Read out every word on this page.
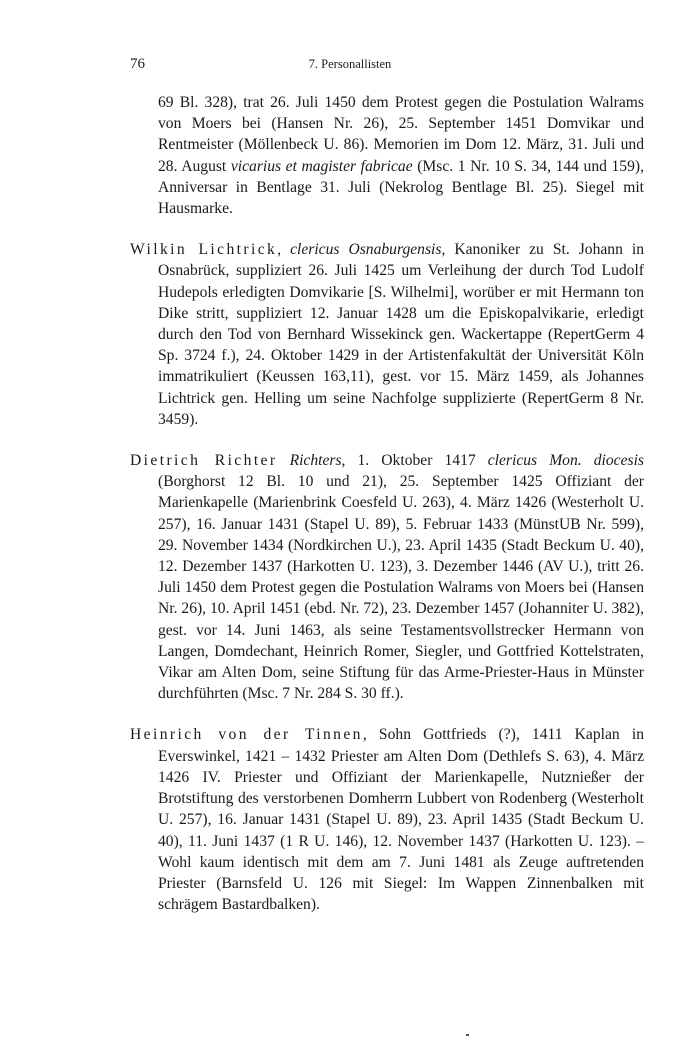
76	7. Personallisten

69 Bl. 328), trat 26. Juli 1450 dem Protest gegen die Postulation Walrams von Moers bei (Hansen Nr. 26), 25. September 1451 Domvikar und Rentmeister (Möllenbeck U. 86). Memorien im Dom 12. März, 31. Juli und 28. August vicarius et magister fabricae (Msc. 1 Nr. 10 S. 34, 144 und 159), Anniversar in Bentlage 31. Juli (Nekrolog Bentlage Bl. 25). Siegel mit Hausmarke.

Wilkin Lichtrick, clericus Osnaburgensis, Kanoniker zu St. Johann in Osnabrück, suppliziert 26. Juli 1425 um Verleihung der durch Tod Ludolf Hudepols erledigten Domvikarie [S. Wilhelmi], worüber er mit Hermann ton Dike stritt, suppliziert 12. Januar 1428 um die Episkopalvikarie, erledigt durch den Tod von Bernhard Wissekinck gen. Wackertappe (RepertGerm 4 Sp. 3724 f.), 24. Oktober 1429 in der Artistenfakultät der Universität Köln immatrikuliert (Keussen 163,11), gest. vor 15. März 1459, als Johannes Lichtrick gen. Helling um seine Nachfolge supplizierte (RepertGerm 8 Nr. 3459).

Dietrich Richter Richters, 1. Oktober 1417 clericus Mon. diocesis (Borghorst 12 Bl. 10 und 21), 25. September 1425 Offiziant der Marienkapelle (Marienbrink Coesfeld U. 263), 4. März 1426 (Westerholt U. 257), 16. Januar 1431 (Stapel U. 89), 5. Februar 1433 (MünstUB Nr. 599), 29. November 1434 (Nordkirchen U.), 23. April 1435 (Stadt Beckum U. 40), 12. Dezember 1437 (Harkotten U. 123), 3. Dezember 1446 (AV U.), tritt 26. Juli 1450 dem Protest gegen die Postulation Walrams von Moers bei (Hansen Nr. 26), 10. April 1451 (ebd. Nr. 72), 23. Dezember 1457 (Johanniter U. 382), gest. vor 14. Juni 1463, als seine Testamentsvollstrecker Hermann von Langen, Domdechant, Heinrich Romer, Siegler, und Gottfried Kottelstraten, Vikar am Alten Dom, seine Stiftung für das Arme-Priester-Haus in Münster durchführten (Msc. 7 Nr. 284 S. 30 ff.).

Heinrich von der Tinnen, Sohn Gottfrieds (?), 1411 Kaplan in Everswinkel, 1421 – 1432 Priester am Alten Dom (Dethlefs S. 63), 4. März 1426 IV. Priester und Offiziant der Marienkapelle, Nutznießer der Brotstiftung des verstorbenen Domherrn Lubbert von Rodenberg (Westerholt U. 257), 16. Januar 1431 (Stapel U. 89), 23. April 1435 (Stadt Beckum U. 40), 11. Juni 1437 (1 R U. 146), 12. November 1437 (Harkotten U. 123). – Wohl kaum identisch mit dem am 7. Juni 1481 als Zeuge auftretenden Priester (Barnsfeld U. 126 mit Siegel: Im Wappen Zinnenbalken mit schrägem Bastardbalken).
